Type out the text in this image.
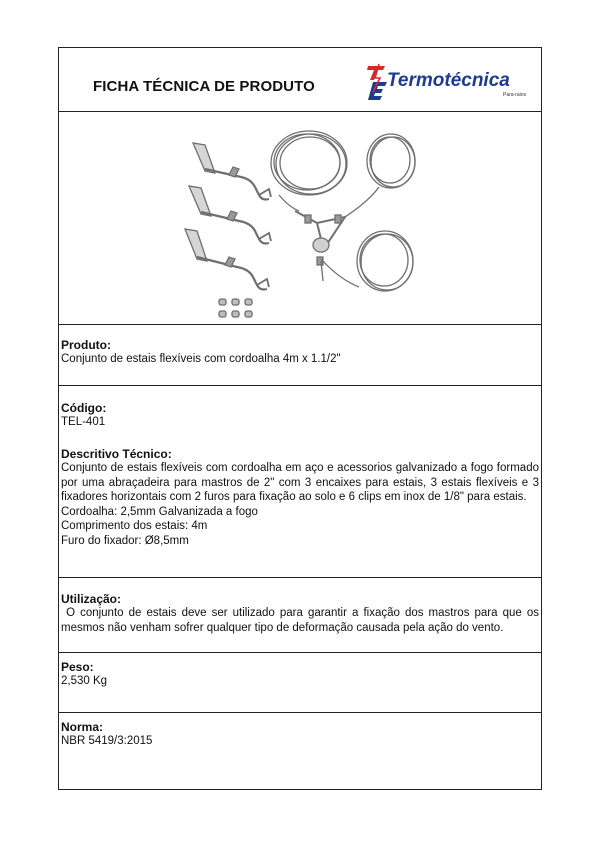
FICHA TÉCNICA DE PRODUTO	Termotécnica
Para-raios
Produto:
Conjunto de estais flexíveis com cordoalha 4m x 1.1/2"
Código:
TEL-401
Descritivo Técnico:
Conjunto de estais flexíveis com cordoalha em aço e acessorios galvanizado a fogo formado por uma abraçadeira para mastros de 2" com 3 encaixes para estais, 3 estais flexíveis e 3 fixadores horizontais com 2 furos para fixação ao solo e 6 clips em inox de 1/8" para estais.
Cordoalha: 2,5mm Galvanizada a fogo
Comprimento dos estais: 4m
Furo do fixador: Ø8,5mm
Utilização:
O conjunto de estais deve ser utilizado para garantir a fixação dos mastros para que os mesmos não venham sofrer qualquer tipo de deformação causada pela ação do vento.
Peso:
2,530 Kg
Norma:
NBR 5419/3:2015
